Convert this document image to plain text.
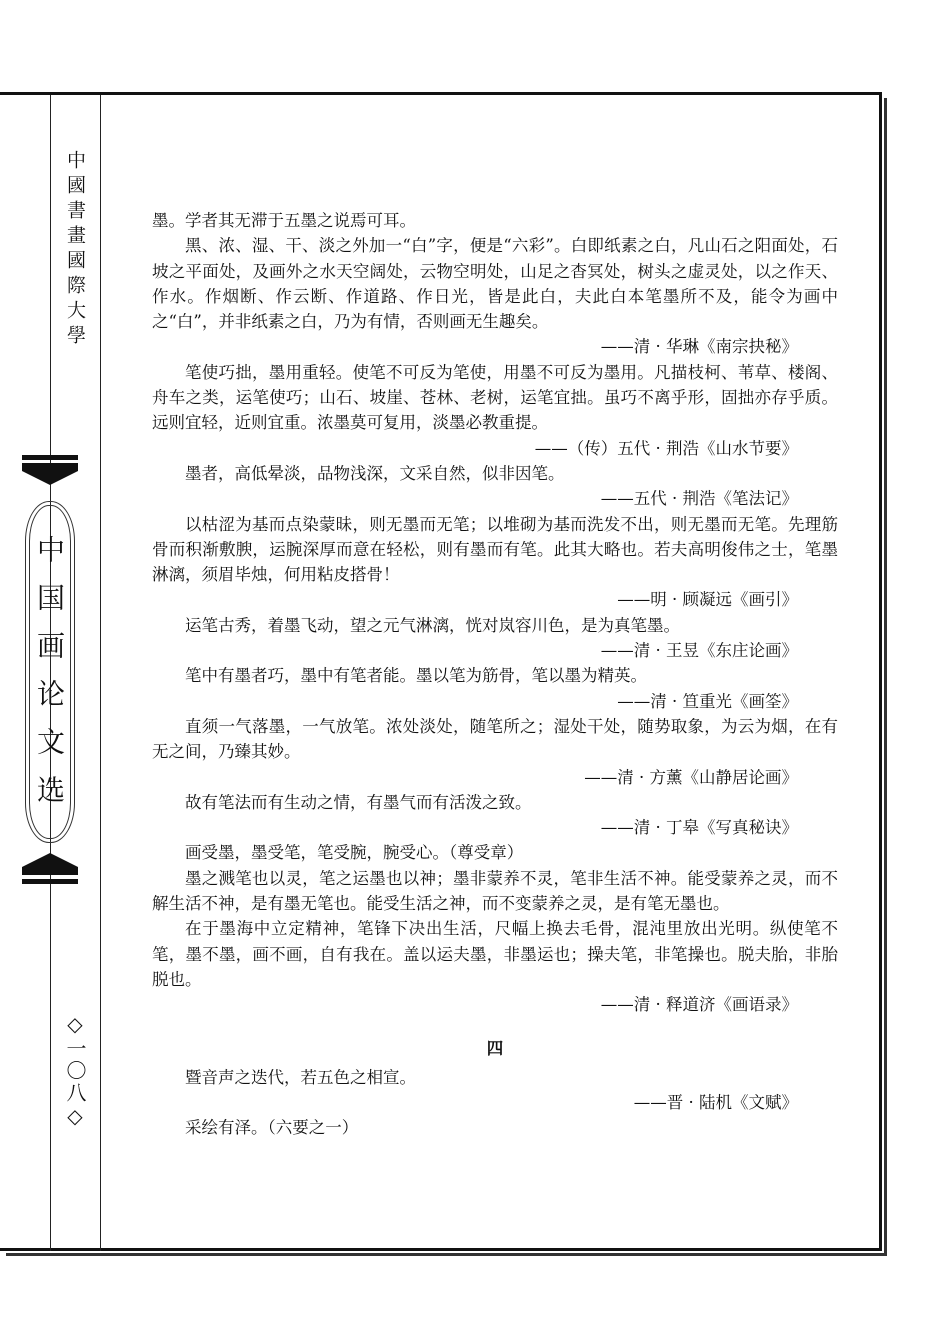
中國書畫國際大學
中国画论文选
◇一〇八◇

墨。学者其无滞于五墨之说焉可耳。

黑、浓、湿、干、淡之外加一“白”字，便是“六彩”。白即纸素之白，凡山石之阳面处，石坡之平面处，及画外之水天空阔处，云物空明处，山足之杳冥处，树头之虚灵处，以之作天、作水。作烟断、作云断、作道路、作日光，皆是此白，夫此白本笔墨所不及，能令为画中之“白”，并非纸素之白，乃为有情，否则画无生趣矣。

——清 · 华琳《南宗抉秘》

笔使巧拙，墨用重轻。使笔不可反为笔使，用墨不可反为墨用。凡描枝柯、苇草、楼阁、舟车之类，运笔使巧；山石、坡崖、苍林、老树，运笔宜拙。虽巧不离乎形，固拙亦存乎质。远则宜轻，近则宜重。浓墨莫可复用，淡墨必教重提。

——（传）五代 · 荆浩《山水节要》

墨者，高低晕淡，品物浅深，文采自然，似非因笔。

——五代 · 荆浩《笔法记》

以枯涩为基而点染蒙昧，则无墨而无笔；以堆砌为基而洗发不出，则无墨而无笔。先理筋骨而积渐敷腴，运腕深厚而意在轻松，则有墨而有笔。此其大略也。若夫高明俊伟之士，笔墨淋漓，须眉毕烛，何用粘皮搭骨！

——明 · 顾凝远《画引》

运笔古秀，着墨飞动，望之元气淋漓，恍对岚容川色，是为真笔墨。

——清 · 王昱《东庄论画》

笔中有墨者巧，墨中有笔者能。墨以笔为筋骨，笔以墨为精英。

——清 · 笪重光《画筌》

直须一气落墨，一气放笔。浓处淡处，随笔所之；湿处干处，随势取象，为云为烟，在有无之间，乃臻其妙。

——清 · 方薰《山静居论画》

故有笔法而有生动之情，有墨气而有活泼之致。

——清 · 丁皋《写真秘诀》

画受墨，墨受笔，笔受腕，腕受心。（尊受章）

墨之溅笔也以灵，笔之运墨也以神；墨非蒙养不灵，笔非生活不神。能受蒙养之灵，而不解生活不神，是有墨无笔也。能受生活之神，而不变蒙养之灵，是有笔无墨也。

在于墨海中立定精神，笔锋下决出生活，尺幅上换去毛骨，混沌里放出光明。纵使笔不笔，墨不墨，画不画，自有我在。盖以运夫墨，非墨运也；操夫笔，非笔操也。脱夫胎，非胎脱也。

——清 · 释道济《画语录》

四

暨音声之迭代，若五色之相宣。

——晋 · 陆机《文赋》

采绘有泽。（六要之一）
